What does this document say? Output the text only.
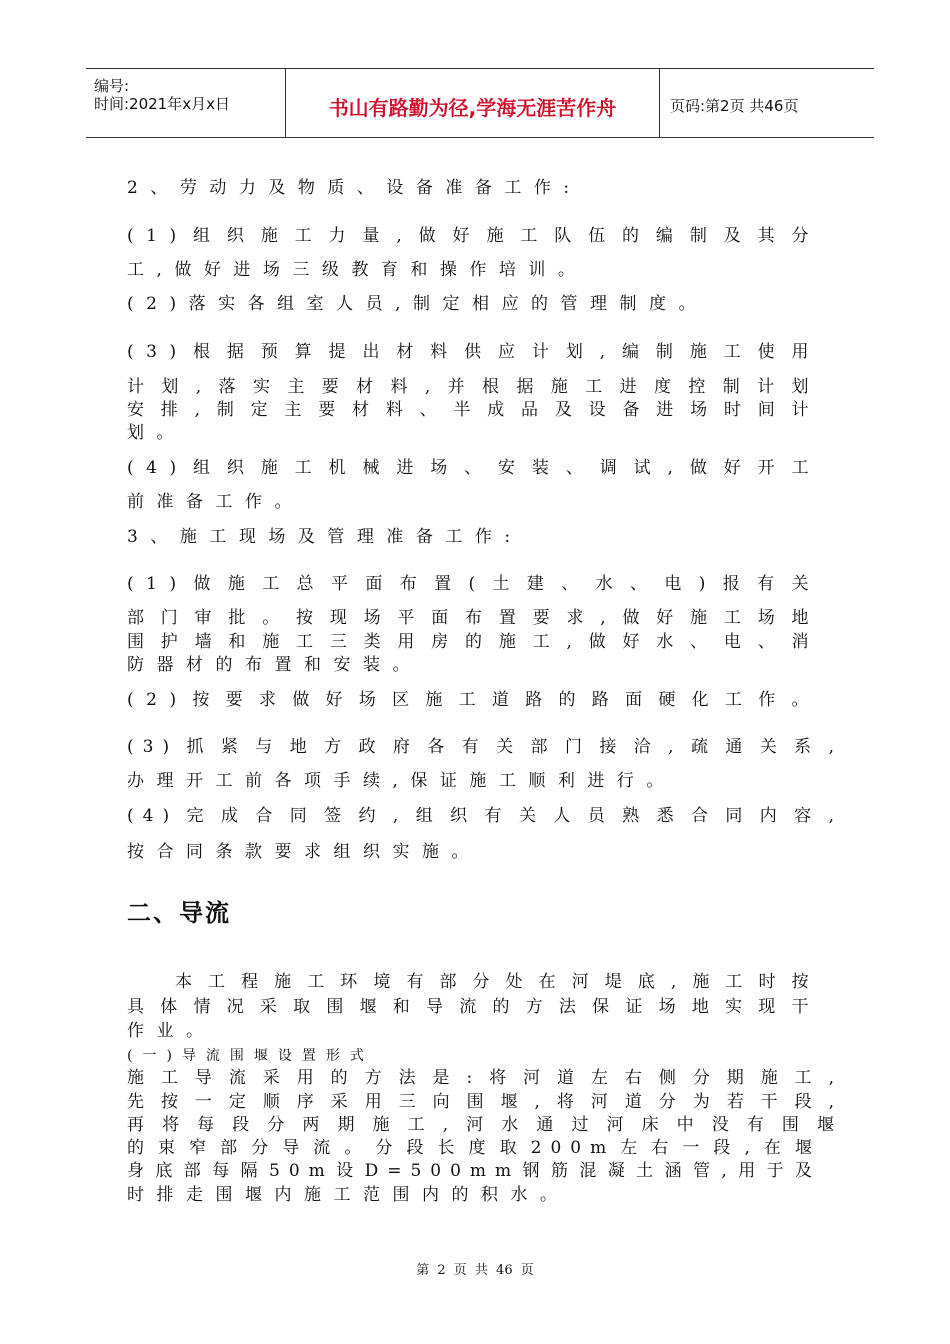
编号:
时间:2021年x月x日	书山有路勤为径,学海无涯苦作舟	页码:第2页 共46页
2、劳动力及物质、设备准备工作:
(1)组织施工力量,做好施工队伍的编制及其分
工,做好进场三级教育和操作培训。
(2)落实各组室人员,制定相应的管理制度。
(3)根据预算提出材料供应计划,编制施工使用
计划,落实主要材料,并根据施工进度控制计划
安排,制定主要材料、半成品及设备进场时间计
划。
(4)组织施工机械进场、安装、调试,做好开工
前准备工作。
3、施工现场及管理准备工作:
(1)做施工总平面布置(土建、水、电)报有关
部门审批。按现场平面布置要求,做好施工场地
围护墙和施工三类用房的施工,做好水、电、消
防器材的布置和安装。
(2)按要求做好场区施工道路的路面硬化工作。
(3)抓紧与地方政府各有关部门接洽,疏通关系,
办理开工前各项手续,保证施工顺利进行。
(4)完成合同签约,组织有关人员熟悉合同内容,
按合同条款要求组织实施。
二、导流
本工程施工环境有部分处在河堤底,施工时按
具体情况采取围堰和导流的方法保证场地实现干
作业。
(一)导流围堰设置形式
施工导流采用的方法是:将河道左右侧分期施工,
先按一定顺序采用三向围堰,将河道分为若干段,
再将每段分两期施工,河水通过河床中没有围堰
的束窄部分导流。分段长度取200m左右一段,在堰
身底部每隔50m设D=500mm钢筋混凝土涵管,用于及
时排走围堰内施工范围内的积水。
第 2 页 共 46 页
